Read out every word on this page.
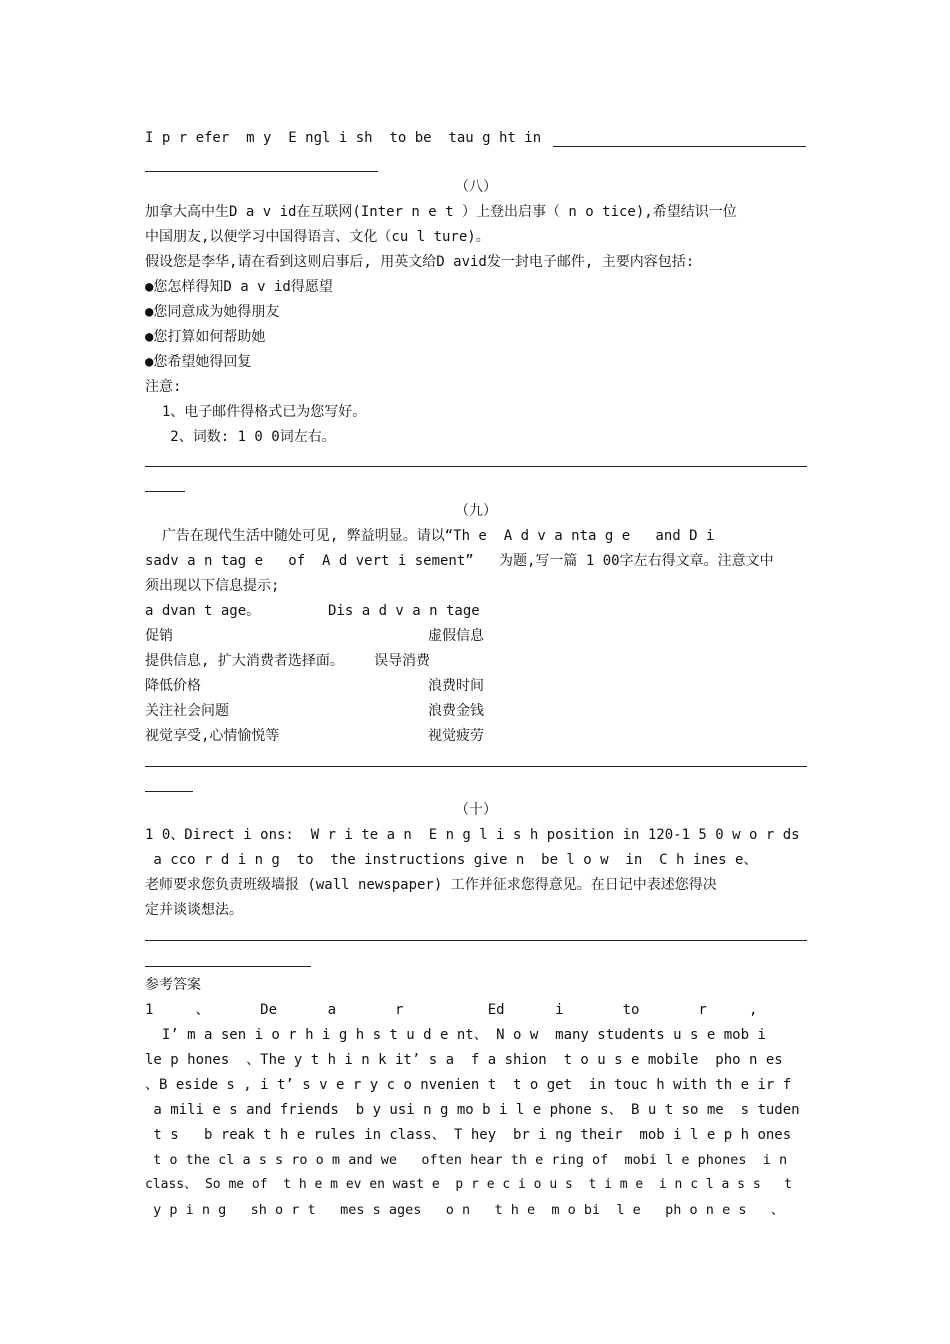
I p r efer  m y  E ngl i sh  to be  tau g ht in
（八）
加拿大高中生D a v id在互联网(Inter n e t ）上登出启事（ n o tice),希望结识一位
中国朋友,以便学习中国得语言、文化（cu l ture)。
假设您是李华,请在看到这则启事后, 用英文给D avid发一封电子邮件, 主要内容包括:
●您怎样得知D a v id得愿望
●您同意成为她得朋友
●您打算如何帮助她
●您希望她得回复
注意:
1、电子邮件得格式已为您写好。
2、词数: 1 0 0词左右。
（九）
广告在现代生活中随处可见, 弊益明显。请以“Th e  A d v a nta g e   and D i
sadv a n tag e   of  A d vert i sement”   为题,写一篇 1 00字左右得文章。注意文中
须出现以下信息提示;
a dvan t age。	Dis a d v a n tage
促销	虚假信息
提供信息, 扩大消费者选择面。 误导消费
降低价格	浪费时间
关注社会问题	浪费金钱
视觉享受,心情愉悦等	视觉疲劳
（十）
1 0、Direct i ons:  W r i te a n  E n g l i s h position in 120-1 5 0 w o r ds
a cco r d i n g  to  the instructions give n  be l o w  in  C h ines e、
老师要求您负责班级墙报 (wall newspaper) 工作并征求您得意见。在日记中表述您得决
定并谈谈想法。
参考答案
1     、      De      a       r          Ed      i       to       r     ,
I’ m a sen i o r h i g h s t u d e nt、 N o w  many students u s e mob i
le p hones  、The y t h i n k it’ s a  f a shion  t o u s e mobile  pho n es
、B eside s , i t’ s v e r y c o nvenien t  t o get  in touc h with th e ir f
a mili e s and friends  b y usi n g mo b i l e phone s、 B u t so me  s tuden
t s   b reak t h e rules in class、 T hey  br i ng their  mob i l e p h ones
t o the cl a s s ro o m and we   often hear th e ring of  mobi l e phones  i n
class、 So me of  t h e m ev en wast e  p r e c i o u s  t i m e  i n c l a s s   t
y p i n g   sh o r t   mes s ages   o n   t h e  m o bi  l e   ph o n e s   、
